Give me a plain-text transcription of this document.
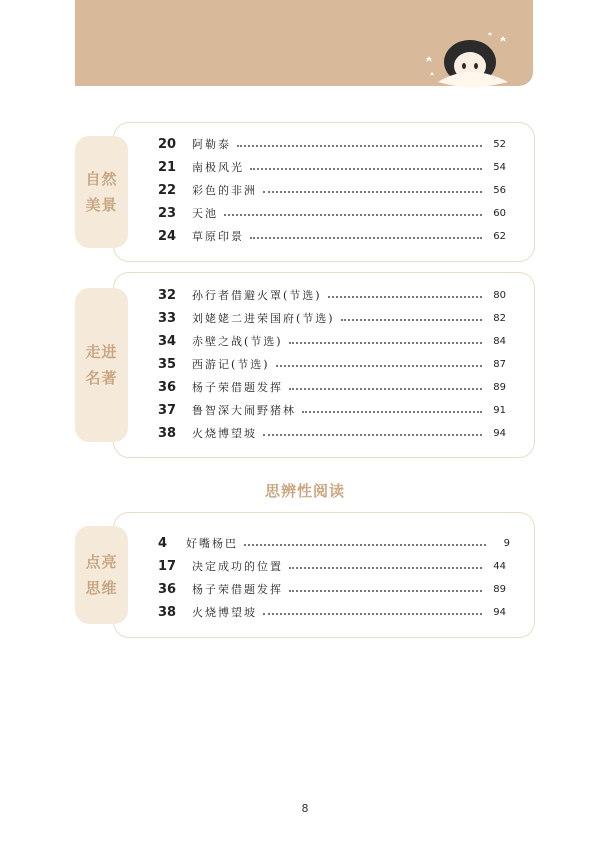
自然
美景
20	阿勒泰	52
21	南极风光	54
22	彩色的非洲	56
23	天池	60
24	草原印景	62
走进
名著
32	孙行者借避火罩(节选)	80
33	刘姥姥二进荣国府(节选)	82
34	赤壁之战(节选)	84
35	西游记(节选)	87
36	杨子荣借题发挥	89
37	鲁智深大闹野猪林	91
38	火烧博望坡	94
思辨性阅读
点亮
思维
4	好嘴杨巴	9
17	决定成功的位置	44
36	杨子荣借题发挥	89
38	火烧博望坡	94
8
